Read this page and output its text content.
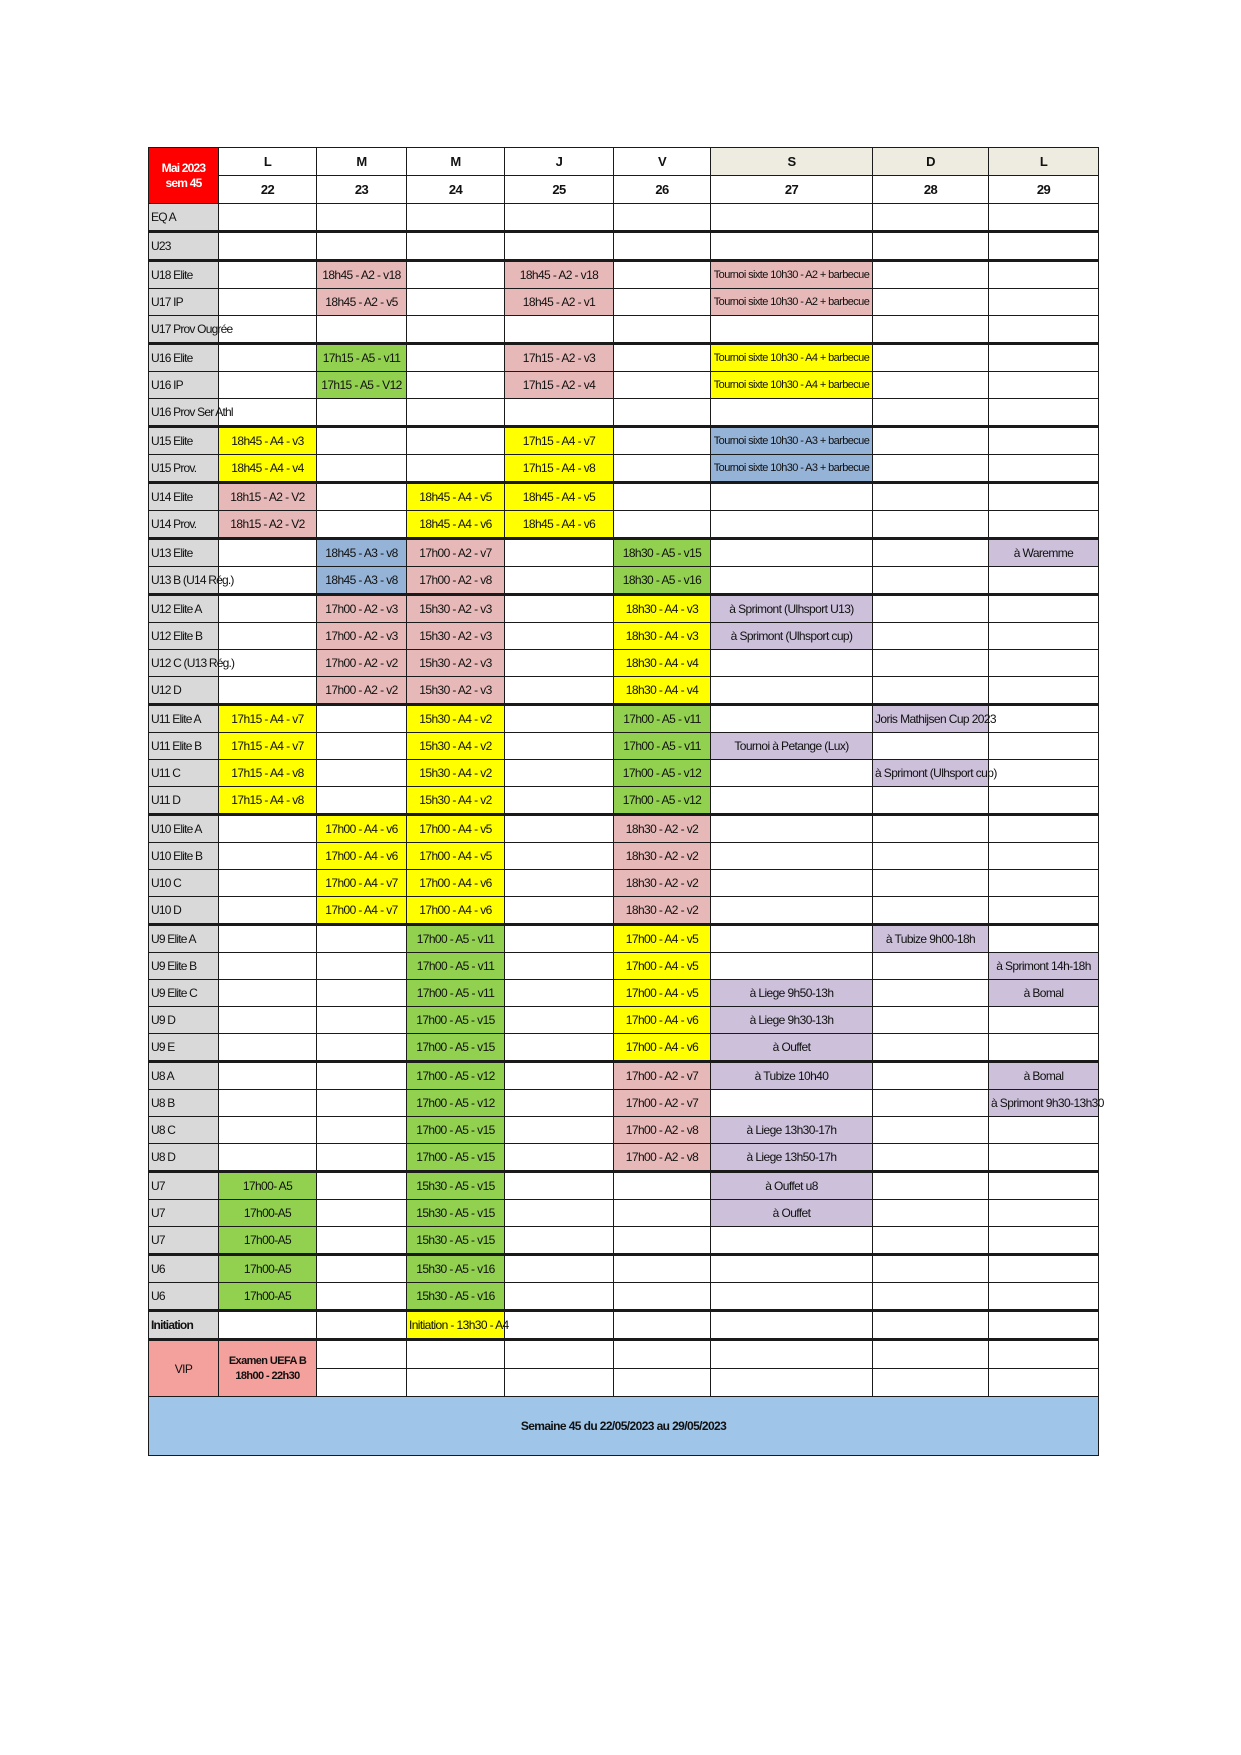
Mai 2023
sem 45	L	M	M	J	V	S	D	L
	22	23	24	25	26	27	28	29
EQ A								
U23								
U18 Elite		18h45 - A2 - v18		18h45 - A2 - v18		Tournoi sixte 10h30 - A2 + barbecue		
U17 IP		18h45 - A2 - v5		18h45 - A2 - v1		Tournoi sixte 10h30 - A2 + barbecue		
U17 Prov Ougrée								
U16 Elite		17h15 - A5 - v11		17h15 - A2 - v3		Tournoi sixte 10h30 - A4 + barbecue		
U16 IP		17h15 - A5 - V12		17h15 - A2 - v4		Tournoi sixte 10h30 - A4 + barbecue		
U16 Prov Ser Athl								
U15 Elite	18h45 - A4 - v3			17h15 - A4 - v7		Tournoi sixte 10h30 - A3 + barbecue		
U15 Prov.	18h45 - A4 - v4			17h15 - A4 - v8		Tournoi sixte 10h30 - A3 + barbecue		
U14 Elite	18h15 - A2 - V2		18h45 - A4 - v5	18h45 - A4 - v5				
U14 Prov.	18h15 - A2 - V2		18h45 - A4 - v6	18h45 - A4 - v6				
U13 Elite		18h45 - A3 - v8	17h00 - A2 - v7		18h30 - A5 - v15			à Waremme
U13 B (U14 Rég.)		18h45 - A3 - v8	17h00 - A2 - v8		18h30 - A5 - v16			
U12 Elite A		17h00 - A2 - v3	15h30 - A2 - v3		18h30 - A4 - v3	à Sprimont (Ulhsport U13)		
U12 Elite B		17h00 - A2 - v3	15h30 - A2 - v3		18h30 - A4 - v3	à Sprimont (Ulhsport cup)		
U12 C (U13 Rég.)		17h00 - A2 - v2	15h30 - A2 - v3		18h30 - A4 - v4			
U12 D		17h00 - A2 - v2	15h30 - A2 - v3		18h30 - A4 - v4			
U11 Elite A	17h15 - A4 - v7		15h30 - A4 - v2		17h00 - A5 - v11		Joris Mathijsen Cup 2023	
U11 Elite B	17h15 - A4 - v7		15h30 - A4 - v2		17h00 - A5 - v11	Tournoi à Petange (Lux)		
U11 C	17h15 - A4 - v8		15h30 - A4 - v2		17h00 - A5 - v12		à Sprimont (Ulhsport cup)	
U11 D	17h15 - A4 - v8		15h30 - A4 - v2		17h00 - A5 - v12			
U10 Elite A		17h00 - A4 - v6	17h00 - A4 - v5		18h30 - A2 - v2			
U10 Elite B		17h00 - A4 - v6	17h00 - A4 - v5		18h30 - A2 - v2			
U10 C		17h00 - A4 - v7	17h00 - A4 - v6		18h30 - A2 - v2			
U10 D		17h00 - A4 - v7	17h00 - A4 - v6		18h30 - A2 - v2			
U9 Elite A			17h00 - A5 - v11		17h00 - A4 - v5		à Tubize 9h00-18h	
U9 Elite B			17h00 - A5 - v11		17h00 - A4 - v5			à Sprimont 14h-18h
U9 Elite C			17h00 - A5 - v11		17h00 - A4 - v5	à Liege 9h50-13h		à Bomal
U9 D			17h00 - A5 - v15		17h00 - A4 - v6	à Liege 9h30-13h		
U9 E			17h00 - A5 - v15		17h00 - A4 - v6	à Ouffet		
U8 A			17h00 - A5 - v12		17h00 - A2 - v7	à Tubize 10h40		à Bomal
U8 B			17h00 - A5 - v12		17h00 - A2 - v7			à Sprimont 9h30-13h30
U8 C			17h00 - A5 - v15		17h00 - A2 - v8	à Liege 13h30-17h		
U8 D			17h00 - A5 - v15		17h00 - A2 - v8	à Liege 13h50-17h		
U7	17h00- A5		15h30 - A5 - v15			à Ouffet u8		
U7	17h00-A5		15h30 - A5 - v15			à Ouffet		
U7	17h00-A5		15h30 - A5 - v15					
U6	17h00-A5		15h30 - A5 - v16					
U6	17h00-A5		15h30 - A5 - v16					
Initiation			Initiation - 13h30 - A4					
VIP	Examen UEFA B
18h00 - 22h30							

Semaine 45 du 22/05/2023 au 29/05/2023								
